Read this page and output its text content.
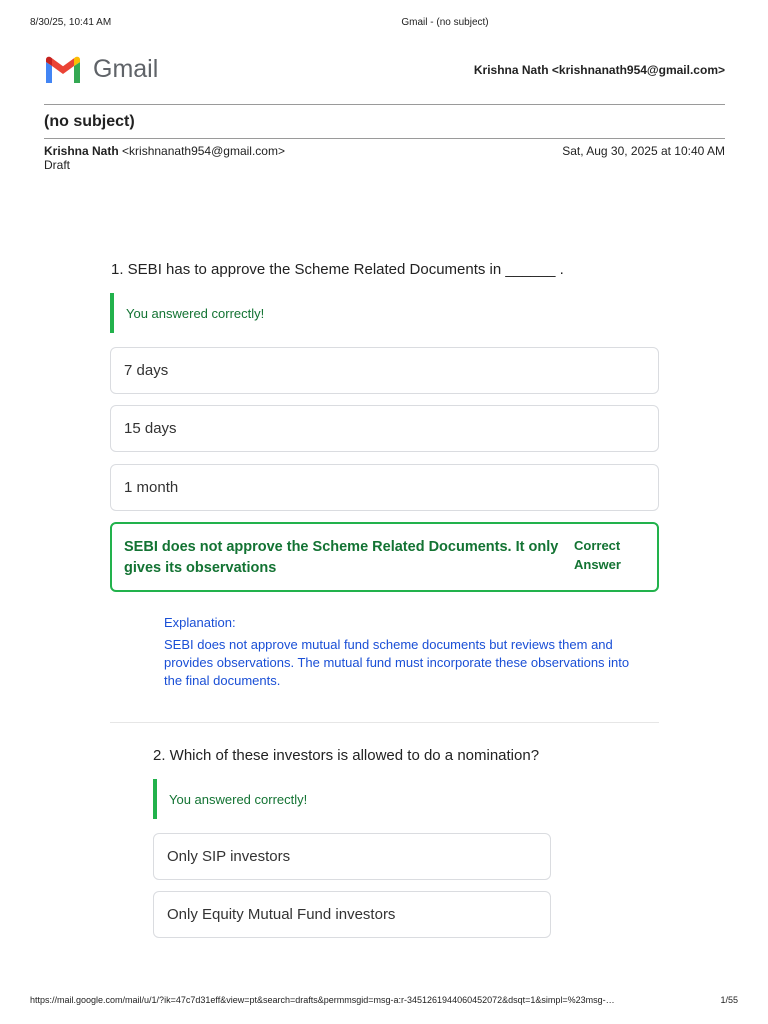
8/30/25, 10:41 AM	Gmail - (no subject)
Gmail	Krishna Nath <krishnanath954@gmail.com>
(no subject)
Krishna Nath <krishnanath954@gmail.com>	Sat, Aug 30, 2025 at 10:40 AM
Draft
1. SEBI has to approve the Scheme Related Documents in ______ .
You answered correctly!
7 days
15 days
1 month
SEBI does not approve the Scheme Related Documents. It only gives its observations
Correct Answer
Explanation:
SEBI does not approve mutual fund scheme documents but reviews them and provides observations. The mutual fund must incorporate these observations into the final documents.
2. Which of these investors is allowed to do a nomination?
You answered correctly!
Only SIP investors
Only Equity Mutual Fund investors
https://mail.google.com/mail/u/1/?ik=47c7d31eff&view=pt&search=drafts&permmsgid=msg-a:r-3451261944060452072&dsqt=1&simpl=%23msg-…	1/55
